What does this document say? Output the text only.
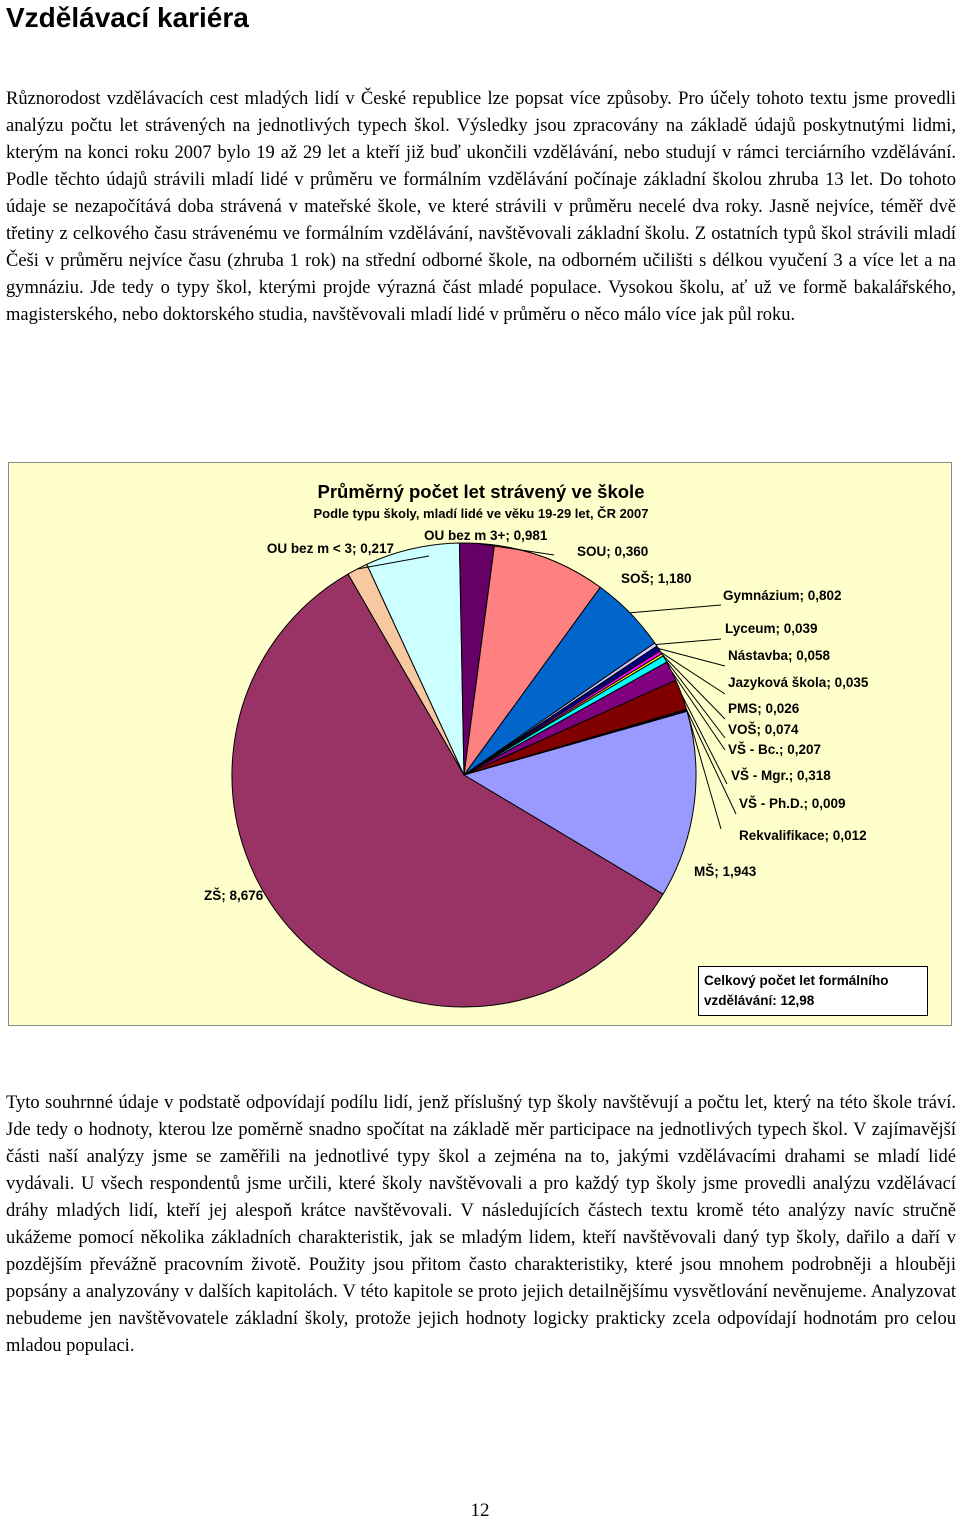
Vzdělávací kariéra

Různorodost vzdělávacích cest mladých lidí v České republice lze popsat více způsoby. Pro účely tohoto textu jsme provedli analýzu počtu let strávených na jednotlivých typech škol. Výsledky jsou zpracovány na základě údajů poskytnutými lidmi, kterým na konci roku 2007 bylo 19 až 29 let a kteří již buď ukončili vzdělávání, nebo studují v rámci terciárního vzdělávání. Podle těchto údajů strávili mladí lidé v průměru ve formálním vzdělávání počínaje základní školou zhruba 13 let. Do tohoto údaje se nezapočítává doba strávená v mateřské škole, ve které strávili v průměru necelé dva roky. Jasně nejvíce, téměř dvě třetiny z celkového času strávenému ve formálním vzdělávání, navštěvovali základní školu. Z ostatních typů škol strávili mladí Češi v průměru nejvíce času (zhruba 1 rok) na střední odborné škole, na odborném učilišti s délkou vyučení 3 a více let a na gymnáziu. Jde tedy o typy škol, kterými projde výrazná část mladé populace. Vysokou školu, ať už ve formě bakalářského, magisterského, nebo doktorského studia, navštěvovali mladí lidé v průměru o něco málo více jak půl roku.

Průměrný počet let strávený ve škole
Podle typu školy, mladí lidé ve věku 19-29 let, ČR 2007
OU bez m < 3; 0,217
OU bez m 3+; 0,981
SOU; 0,360
SOŠ; 1,180
Gymnázium; 0,802
Lyceum; 0,039
Nástavba; 0,058
Jazyková škola; 0,035
PMS; 0,026
VOŠ; 0,074
VŠ - Bc.; 0,207
VŠ - Mgr.; 0,318
VŠ - Ph.D.; 0,009
Rekvalifikace; 0,012
MŠ; 1,943
ZŠ; 8,676
Celkový počet let formálního vzdělávání: 12,98

Tyto souhrnné údaje v podstatě odpovídají podílu lidí, jenž příslušný typ školy navštěvují a počtu let, který na této škole tráví. Jde tedy o hodnoty, kterou lze poměrně snadno spočítat na základě měr participace na jednotlivých typech škol. V zajímavější části naší analýzy jsme se zaměřili na jednotlivé typy škol a zejména na to, jakými vzdělávacími drahami se mladí lidé vydávali. U všech respondentů jsme určili, které školy navštěvovali a pro každý typ školy jsme provedli analýzu vzdělávací dráhy mladých lidí, kteří jej alespoň krátce navštěvovali. V následujících částech textu kromě této analýzy navíc stručně ukážeme pomocí několika základních charakteristik, jak se mladým lidem, kteří navštěvovali daný typ školy, dařilo a daří v pozdějším převážně pracovním životě. Použity jsou přitom často charakteristiky, které jsou mnohem podrobněji a hlouběji popsány a analyzovány v dalších kapitolách. V této kapitole se proto jejich detailnějšímu vysvětlování nevěnujeme. Analyzovat nebudeme jen navštěvovatele základní školy, protože jejich hodnoty logicky prakticky zcela odpovídají hodnotám pro celou mladou populaci.

12
